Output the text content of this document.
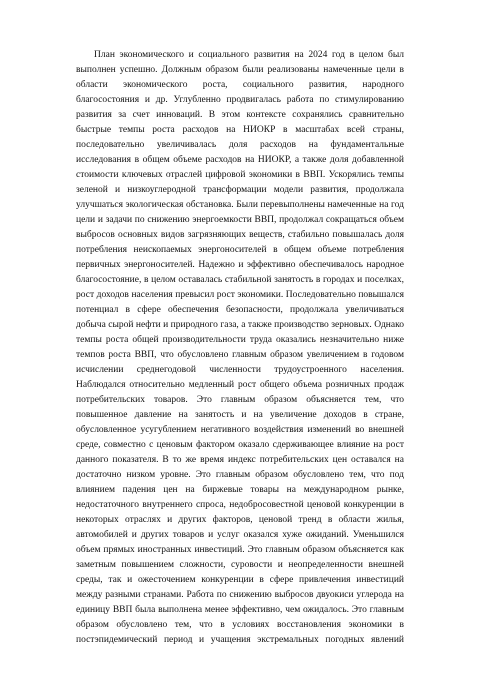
План экономического и социального развития на 2024 год в целом был
выполнен успешно. Должным образом были реализованы намеченные цели в
области экономического роста, социального развития, народного
благосостояния и др. Углубленно продвигалась работа по стимулированию
развития за счет инноваций. В этом контексте сохранялись сравнительно
быстрые темпы роста расходов на НИОКР в масштабах всей страны,
последовательно увеличивалась доля расходов на фундаментальные
исследования в общем объеме расходов на НИОКР, а также доля добавленной
стоимости ключевых отраслей цифровой экономики в ВВП. Ускорялись темпы
зеленой и низкоуглеродной трансформации модели развития, продолжала
улучшаться экологическая обстановка. Были перевыполнены намеченные на год
цели и задачи по снижению энергоемкости ВВП, продолжал сокращаться объем
выбросов основных видов загрязняющих веществ, стабильно повышалась доля
потребления неископаемых энергоносителей в общем объеме потребления
первичных энергоносителей. Надежно и эффективно обеспечивалось народное
благосостояние, в целом оставалась стабильной занятость в городах и поселках,
рост доходов населения превысил рост экономики. Последовательно повышался
потенциал в сфере обеспечения безопасности, продолжала увеличиваться
добыча сырой нефти и природного газа, а также производство зерновых. Однако
темпы роста общей производительности труда оказались незначительно ниже
темпов роста ВВП, что обусловлено главным образом увеличением в годовом
исчислении среднегодовой численности трудоустроенного населения.
Наблюдался относительно медленный рост общего объема розничных продаж
потребительских товаров. Это главным образом объясняется тем, что
повышенное давление на занятость и на увеличение доходов в стране,
обусловленное усугублением негативного воздействия изменений во внешней
среде, совместно с ценовым фактором оказало сдерживающее влияние на рост
данного показателя. В то же время индекс потребительских цен оставался на
достаточно низком уровне. Это главным образом обусловлено тем, что под
влиянием падения цен на биржевые товары на международном рынке,
недостаточного внутреннего спроса, недобросовестной ценовой конкуренции в
некоторых отраслях и других факторов, ценовой тренд в области жилья,
автомобилей и других товаров и услуг оказался хуже ожиданий. Уменьшился
объем прямых иностранных инвестиций. Это главным образом объясняется как
заметным повышением сложности, суровости и неопределенности внешней
среды, так и ожесточением конкуренции в сфере привлечения инвестиций
между разными странами. Работа по снижению выбросов двуокиси углерода на
единицу ВВП была выполнена менее эффективно, чем ожидалось. Это главным
образом обусловлено тем, что в условиях восстановления экономики в
постэпидемический период и учащения экстремальных погодных явлений
